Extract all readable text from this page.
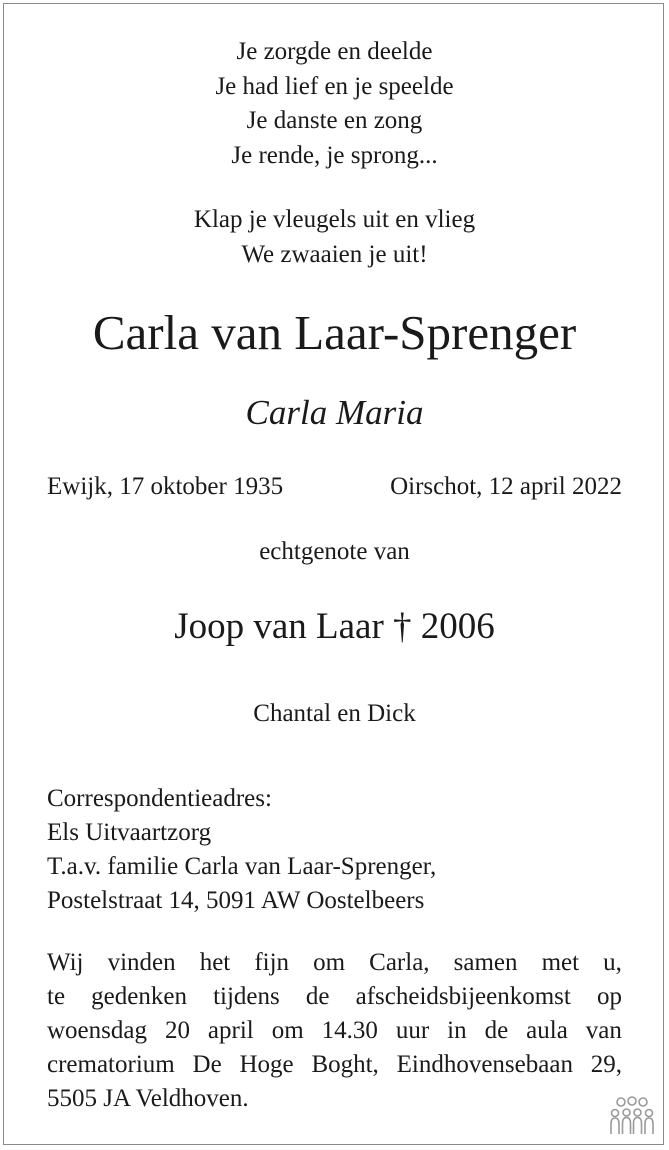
Je zorgde en deelde
Je had lief en je speelde
Je danste en zong
Je rende, je sprong...
Klap je vleugels uit en vlieg
We zwaaien je uit!
Carla van Laar-Sprenger
Carla Maria
Ewijk, 17 oktober 1935	Oirschot, 12 april 2022
echtgenote van
Joop van Laar † 2006
Chantal en Dick
Correspondentieadres:
Els Uitvaartzorg
T.a.v. familie Carla van Laar-Sprenger,
Postelstraat 14, 5091 AW Oostelbeers
Wij vinden het fijn om Carla, samen met u,
te gedenken tijdens de afscheidsbijeenkomst op
woensdag 20 april om 14.30 uur in de aula van
crematorium De Hoge Boght, Eindhovensebaan 29,
5505 JA Veldhoven.
